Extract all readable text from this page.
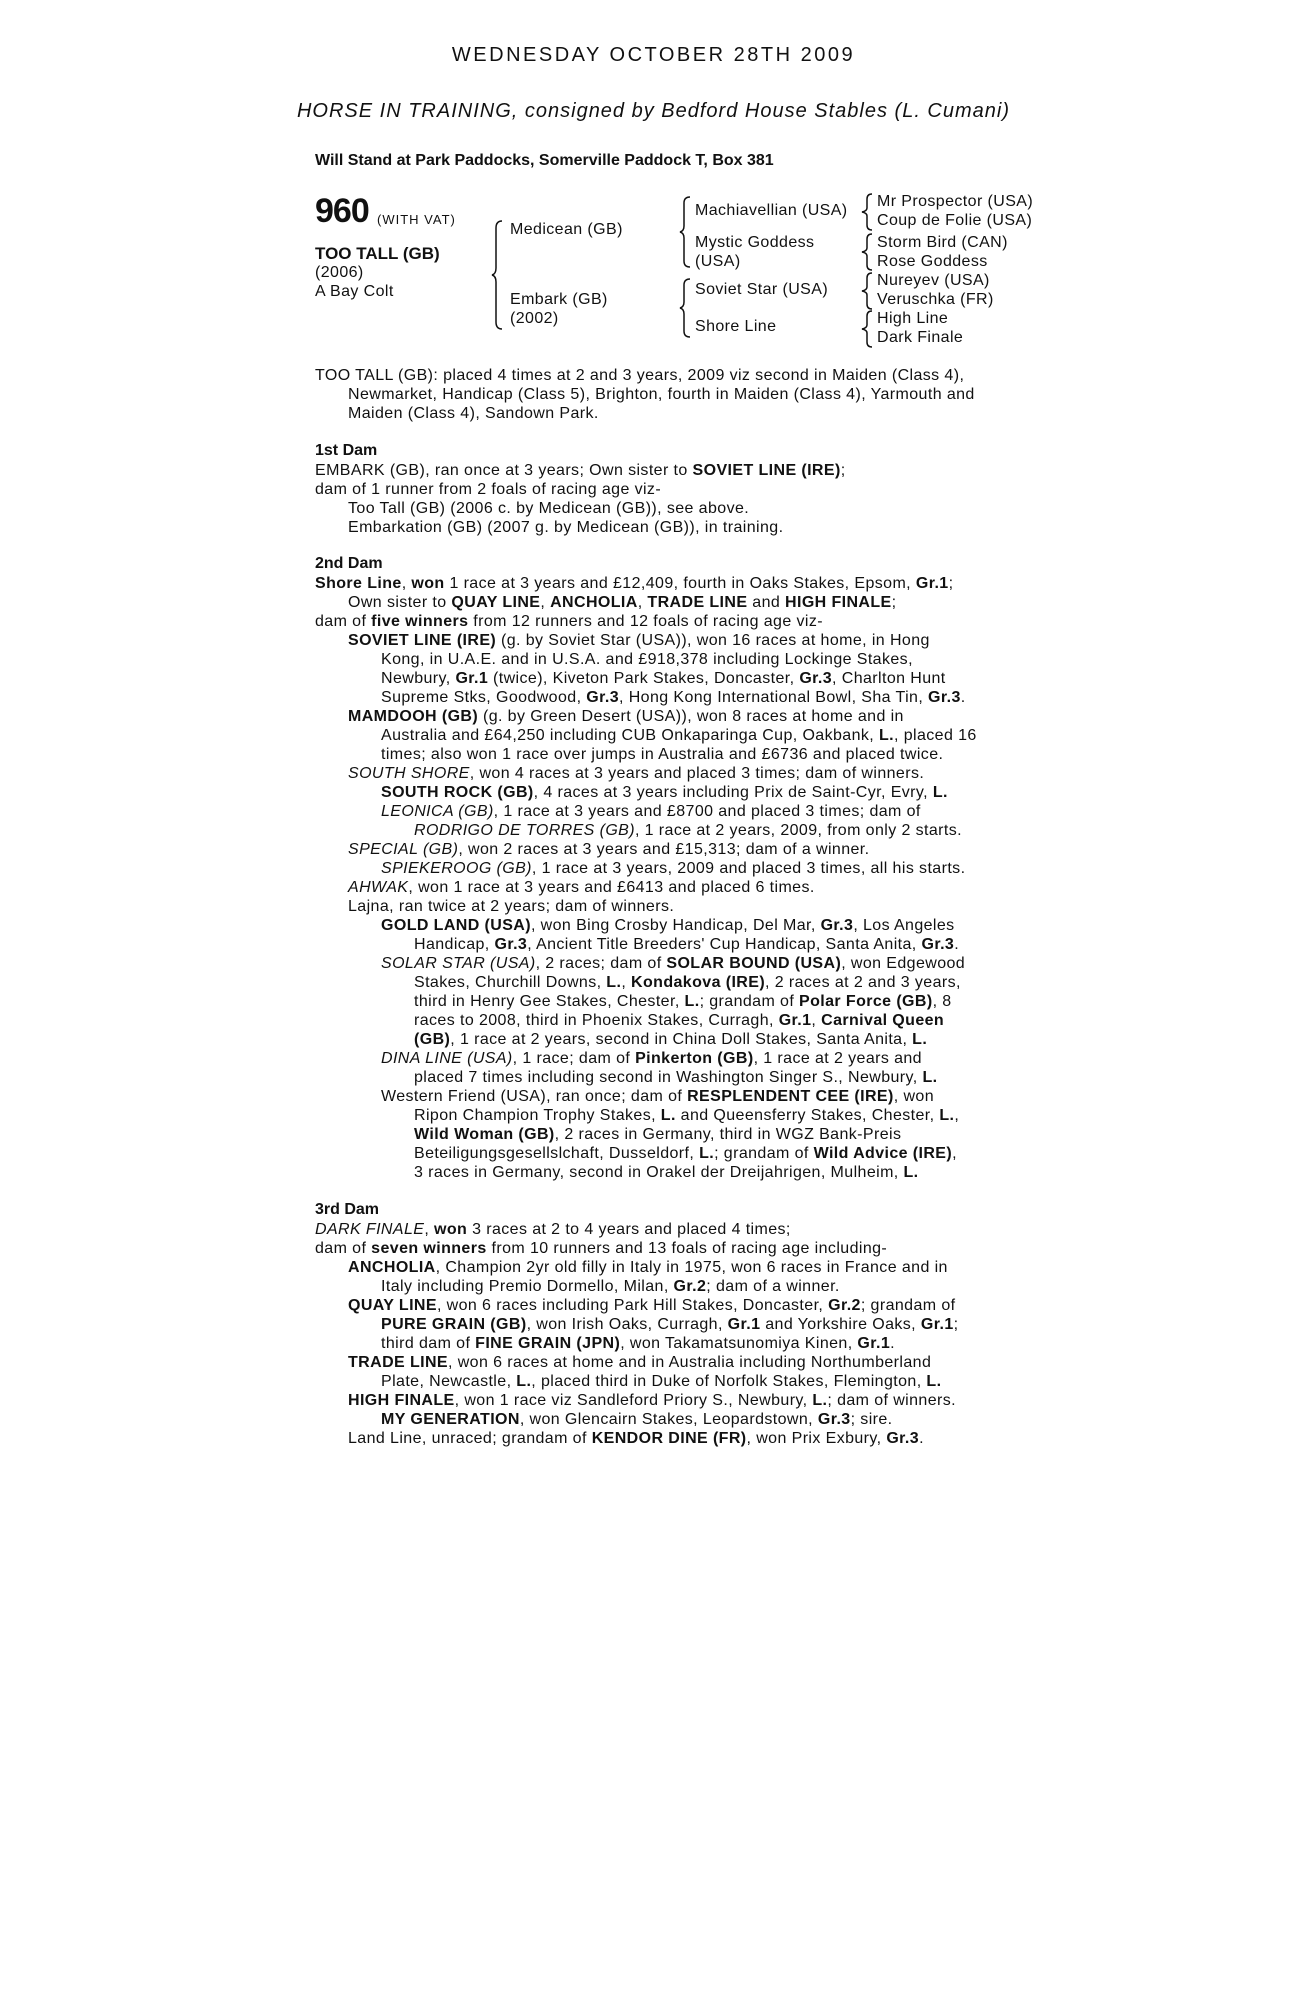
WEDNESDAY OCTOBER 28TH 2009
HORSE IN TRAINING, consigned by Bedford House Stables (L. Cumani)
Will Stand at Park Paddocks, Somerville Paddock T, Box 381
960 (WITH VAT)
TOO TALL (GB)
(2006)
A Bay Colt
Medicean (GB)
Embark (GB)
(2002)
Machiavellian (USA)
Mystic Goddess
(USA)
Soviet Star (USA)
Shore Line
Mr Prospector (USA)
Coup de Folie (USA)
Storm Bird (CAN)
Rose Goddess
Nureyev (USA)
Veruschka (FR)
High Line
Dark Finale
TOO TALL (GB): placed 4 times at 2 and 3 years, 2009 viz second in Maiden (Class 4),
Newmarket, Handicap (Class 5), Brighton, fourth in Maiden (Class 4), Yarmouth and
Maiden (Class 4), Sandown Park.
1st Dam
EMBARK (GB), ran once at 3 years; Own sister to SOVIET LINE (IRE);
dam of 1 runner from 2 foals of racing age viz-
Too Tall (GB) (2006 c. by Medicean (GB)), see above.
Embarkation (GB) (2007 g. by Medicean (GB)), in training.
2nd Dam
Shore Line, won 1 race at 3 years and £12,409, fourth in Oaks Stakes, Epsom, Gr.1;
Own sister to QUAY LINE, ANCHOLIA, TRADE LINE and HIGH FINALE;
dam of five winners from 12 runners and 12 foals of racing age viz-
SOVIET LINE (IRE) (g. by Soviet Star (USA)), won 16 races at home, in Hong
Kong, in U.A.E. and in U.S.A. and £918,378 including Lockinge Stakes,
Newbury, Gr.1 (twice), Kiveton Park Stakes, Doncaster, Gr.3, Charlton Hunt
Supreme Stks, Goodwood, Gr.3, Hong Kong International Bowl, Sha Tin, Gr.3.
MAMDOOH (GB) (g. by Green Desert (USA)), won 8 races at home and in
Australia and £64,250 including CUB Onkaparinga Cup, Oakbank, L., placed 16
times; also won 1 race over jumps in Australia and £6736 and placed twice.
SOUTH SHORE, won 4 races at 3 years and placed 3 times; dam of winners.
SOUTH ROCK (GB), 4 races at 3 years including Prix de Saint-Cyr, Evry, L.
LEONICA (GB), 1 race at 3 years and £8700 and placed 3 times; dam of
RODRIGO DE TORRES (GB), 1 race at 2 years, 2009, from only 2 starts.
SPECIAL (GB), won 2 races at 3 years and £15,313; dam of a winner.
SPIEKEROOG (GB), 1 race at 3 years, 2009 and placed 3 times, all his starts.
AHWAK, won 1 race at 3 years and £6413 and placed 6 times.
Lajna, ran twice at 2 years; dam of winners.
GOLD LAND (USA), won Bing Crosby Handicap, Del Mar, Gr.3, Los Angeles
Handicap, Gr.3, Ancient Title Breeders' Cup Handicap, Santa Anita, Gr.3.
SOLAR STAR (USA), 2 races; dam of SOLAR BOUND (USA), won Edgewood
Stakes, Churchill Downs, L., Kondakova (IRE), 2 races at 2 and 3 years,
third in Henry Gee Stakes, Chester, L.; grandam of Polar Force (GB), 8
races to 2008, third in Phoenix Stakes, Curragh, Gr.1, Carnival Queen
(GB), 1 race at 2 years, second in China Doll Stakes, Santa Anita, L.
DINA LINE (USA), 1 race; dam of Pinkerton (GB), 1 race at 2 years and
placed 7 times including second in Washington Singer S., Newbury, L.
Western Friend (USA), ran once; dam of RESPLENDENT CEE (IRE), won
Ripon Champion Trophy Stakes, L. and Queensferry Stakes, Chester, L.,
Wild Woman (GB), 2 races in Germany, third in WGZ Bank-Preis
Beteiligungsgesellslchaft, Dusseldorf, L.; grandam of Wild Advice (IRE),
3 races in Germany, second in Orakel der Dreijahrigen, Mulheim, L.
3rd Dam
DARK FINALE, won 3 races at 2 to 4 years and placed 4 times;
dam of seven winners from 10 runners and 13 foals of racing age including-
ANCHOLIA, Champion 2yr old filly in Italy in 1975, won 6 races in France and in
Italy including Premio Dormello, Milan, Gr.2; dam of a winner.
QUAY LINE, won 6 races including Park Hill Stakes, Doncaster, Gr.2; grandam of
PURE GRAIN (GB), won Irish Oaks, Curragh, Gr.1 and Yorkshire Oaks, Gr.1;
third dam of FINE GRAIN (JPN), won Takamatsunomiya Kinen, Gr.1.
TRADE LINE, won 6 races at home and in Australia including Northumberland
Plate, Newcastle, L., placed third in Duke of Norfolk Stakes, Flemington, L.
HIGH FINALE, won 1 race viz Sandleford Priory S., Newbury, L.; dam of winners.
MY GENERATION, won Glencairn Stakes, Leopardstown, Gr.3; sire.
Land Line, unraced; grandam of KENDOR DINE (FR), won Prix Exbury, Gr.3.
